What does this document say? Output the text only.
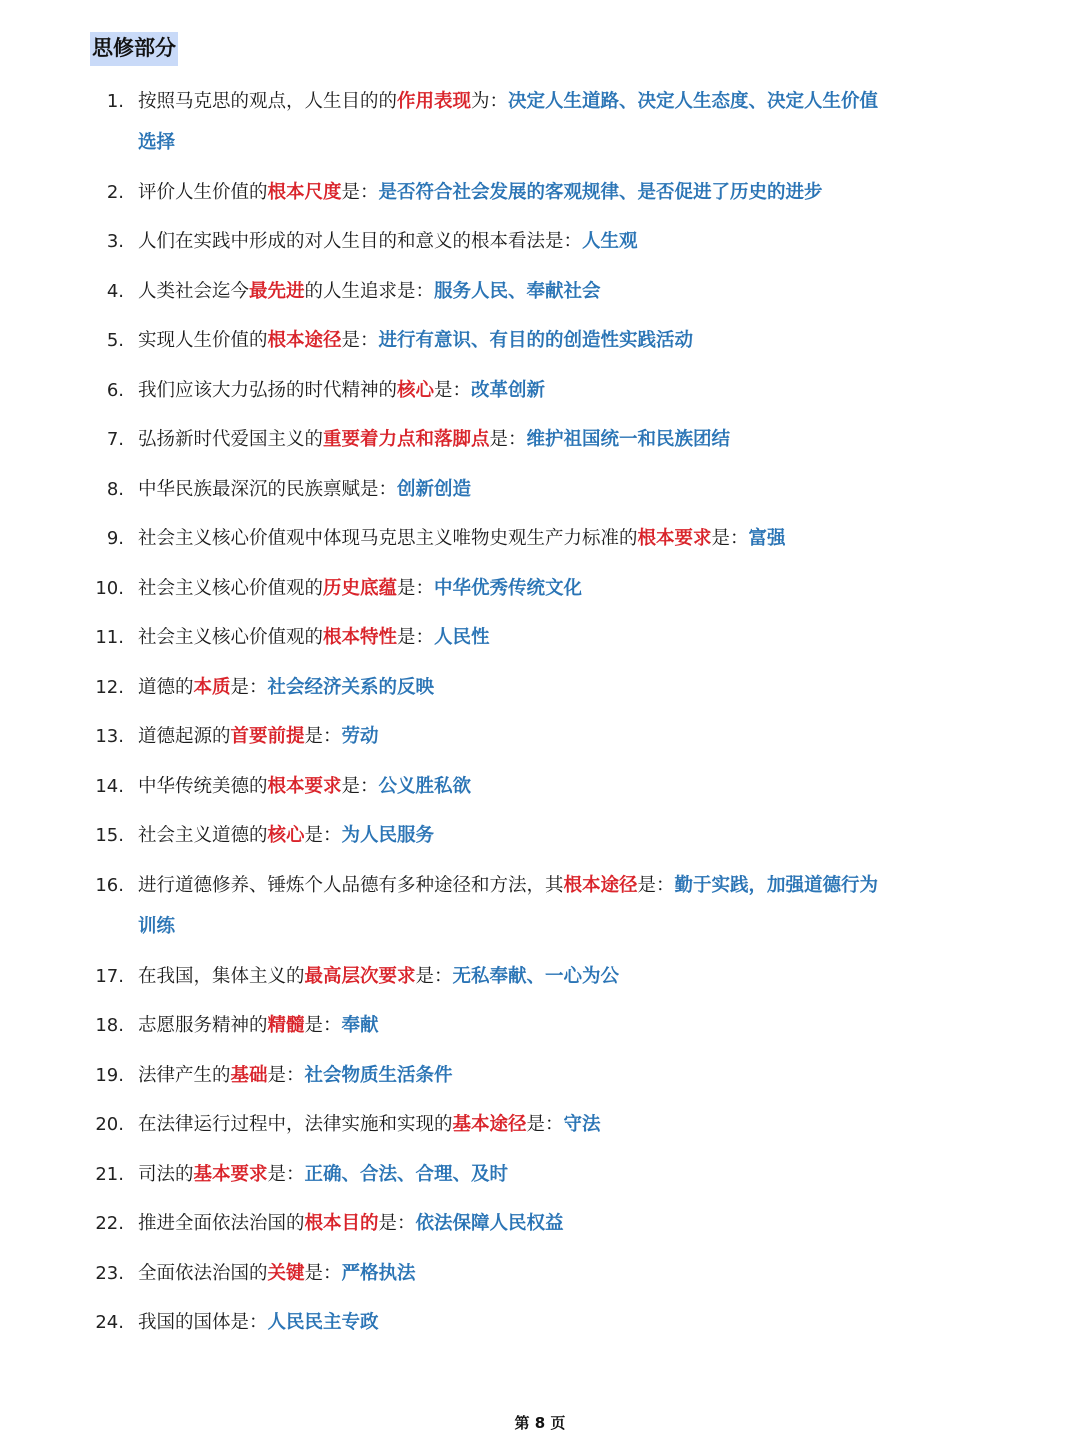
思修部分
1. 按照马克思的观点，人生目的的作用表现为：决定人生道路、决定人生态度、决定人生价值
选择
2. 评价人生价值的根本尺度是：是否符合社会发展的客观规律、是否促进了历史的进步
3. 人们在实践中形成的对人生目的和意义的根本看法是：人生观
4. 人类社会迄今最先进的人生追求是：服务人民、奉献社会
5. 实现人生价值的根本途径是：进行有意识、有目的的创造性实践活动
6. 我们应该大力弘扬的时代精神的核心是：改革创新
7. 弘扬新时代爱国主义的重要着力点和落脚点是：维护祖国统一和民族团结
8. 中华民族最深沉的民族禀赋是：创新创造
9. 社会主义核心价值观中体现马克思主义唯物史观生产力标准的根本要求是：富强
10. 社会主义核心价值观的历史底蕴是：中华优秀传统文化
11. 社会主义核心价值观的根本特性是：人民性
12. 道德的本质是：社会经济关系的反映
13. 道德起源的首要前提是：劳动
14. 中华传统美德的根本要求是：公义胜私欲
15. 社会主义道德的核心是：为人民服务
16. 进行道德修养、锤炼个人品德有多种途径和方法，其根本途径是：勤于实践，加强道德行为
训练
17. 在我国，集体主义的最高层次要求是：无私奉献、一心为公
18. 志愿服务精神的精髓是：奉献
19. 法律产生的基础是：社会物质生活条件
20. 在法律运行过程中，法律实施和实现的基本途径是：守法
21. 司法的基本要求是：正确、合法、合理、及时
22. 推进全面依法治国的根本目的是：依法保障人民权益
23. 全面依法治国的关键是：严格执法
24. 我国的国体是：人民民主专政
第 8 页
